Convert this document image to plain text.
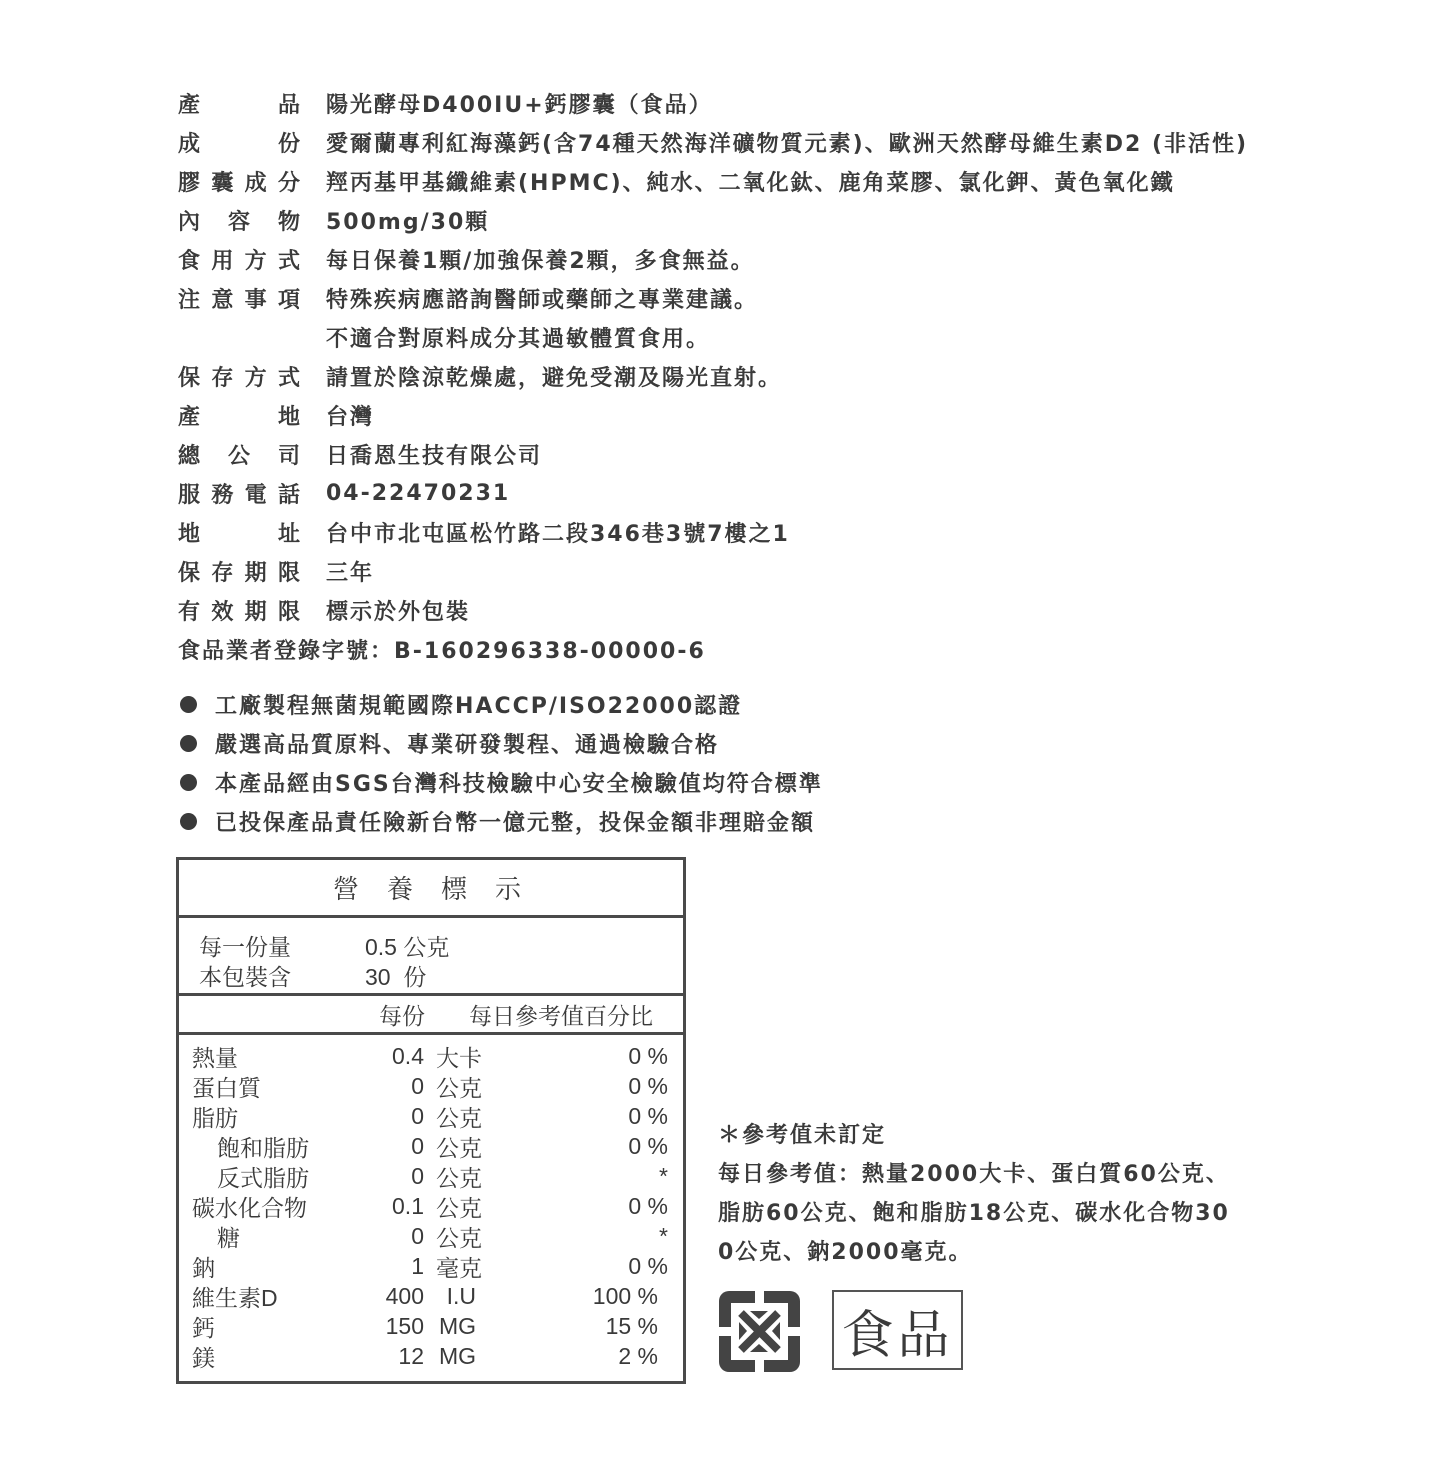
產	品 陽光酵母D400IU+鈣膠囊（食品）
成	份 愛爾蘭專利紅海藻鈣(含74種天然海洋礦物質元素)、歐洲天然酵母維生素D2 (非活性)
膠 囊 成 分 羥丙基甲基纖維素(HPMC)、純水、二氧化鈦、鹿角菜膠、氯化鉀、黃色氧化鐵
內 容 物 500mg/30顆
食 用 方 式 每日保養1顆/加強保養2顆，多食無益。
注 意 事 項 特殊疾病應諮詢醫師或藥師之專業建議。
不適合對原料成分其過敏體質食用。
保 存 方 式 請置於陰涼乾燥處，避免受潮及陽光直射。
產	地 台灣
總 公 司 日喬恩生技有限公司
服 務 電 話 04-22470231
地	址 台中市北屯區松竹路二段346巷3號7樓之1
保 存 期 限 三年
有 效 期 限 標示於外包裝
食品業者登錄字號：B-160296338-00000-6
工廠製程無菌規範國際HACCP/ISO22000認證
嚴選高品質原料、專業研發製程、通過檢驗合格
本產品經由SGS台灣科技檢驗中心安全檢驗值均符合標準
已投保產品責任險新台幣一億元整，投保金額非理賠金額
營養標示
每一份量	0.5 公克
本包裝含	30  份
每份	每日參考值百分比
熱量	0.4 大卡	0 %
蛋白質	0 公克	0 %
脂肪	0 公克	0 %
飽和脂肪	0 公克	0 %
反式脂肪	0 公克	*
碳水化合物	0.1 公克	0 %
糖	0 公克	*
鈉	1 毫克	0 %
維生素D	400 I.U	100 %
鈣	150 MG	15 %
鎂	12 MG	2 %
＊參考值未訂定
每日參考值：熱量2000大卡、蛋白質60公克、
脂肪60公克、飽和脂肪18公克、碳水化合物30
0公克、鈉2000毫克。
食品
